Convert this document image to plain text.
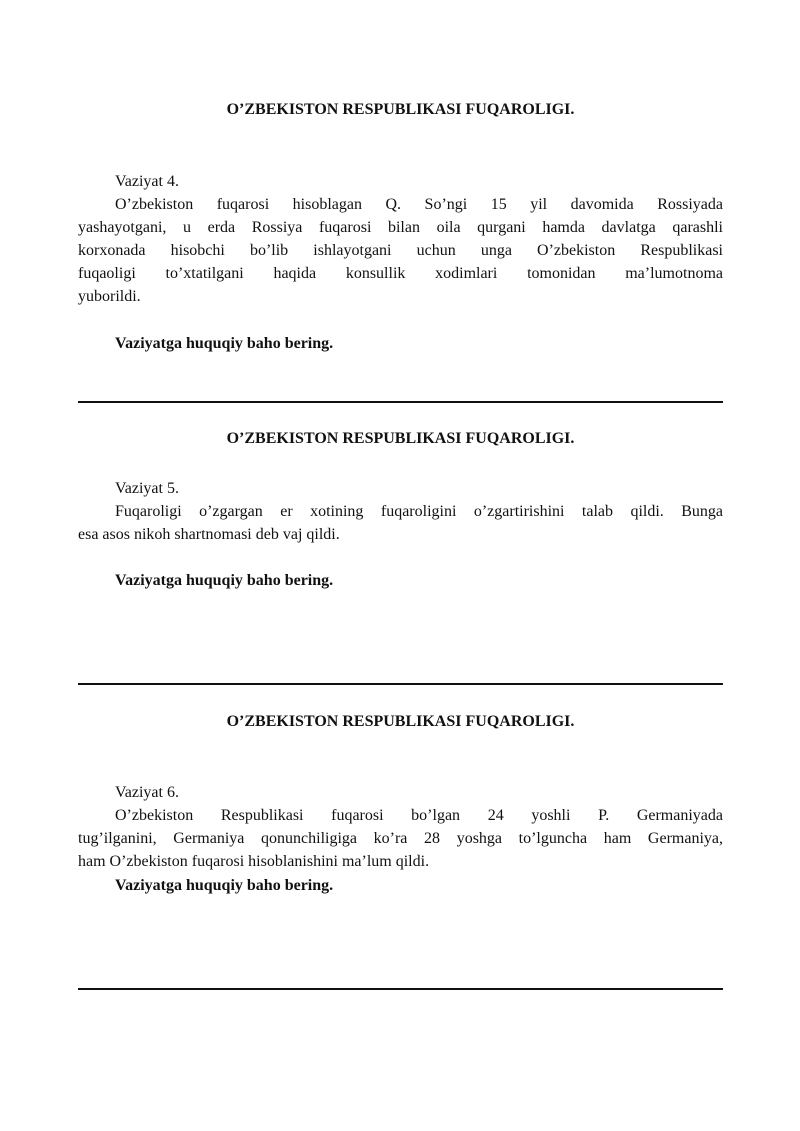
O’ZBEKISTON RESPUBLIKASI FUQAROLIGI.

Vaziyat 4.

O’zbekiston fuqarosi hisoblagan Q. So’ngi 15 yil davomida Rossiyada

yashayotgani, u erda Rossiya fuqarosi bilan oila qurgani hamda davlatga qarashli

korxonada hisobchi bo’lib ishlayotgani uchun unga O’zbekiston Respublikasi

fuqaoligi to’xtatilgani haqida konsullik xodimlari tomonidan ma’lumotnoma

yuborildi.

Vaziyatga huquqiy baho bering.

O’ZBEKISTON RESPUBLIKASI FUQAROLIGI.

Vaziyat 5.

Fuqaroligi o’zgargan er xotining fuqaroligini o’zgartirishini talab qildi. Bunga

esa asos nikoh shartnomasi deb vaj qildi.

Vaziyatga huquqiy baho bering.

O’ZBEKISTON RESPUBLIKASI FUQAROLIGI.

Vaziyat 6.

O’zbekiston Respublikasi fuqarosi bo’lgan 24 yoshli P. Germaniyada

tug’ilganini, Germaniya qonunchiligiga ko’ra 28 yoshga to’lguncha ham Germaniya,

ham O’zbekiston fuqarosi hisoblanishini ma’lum qildi.

Vaziyatga huquqiy baho bering.
